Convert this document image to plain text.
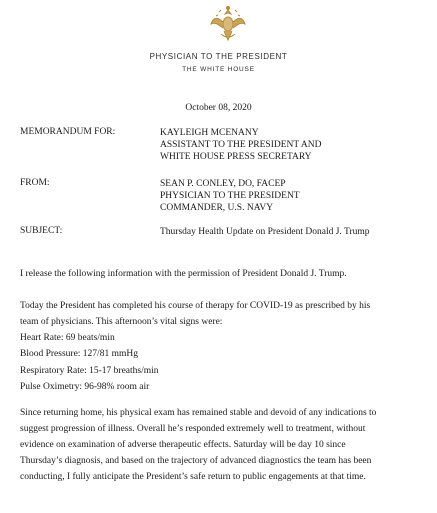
PHYSICIAN TO THE PRESIDENT
THE WHITE HOUSE
October 08, 2020
MEMORANDUM FOR:	KAYLEIGH MCENANY
ASSISTANT TO THE PRESIDENT AND
WHITE HOUSE PRESS SECRETARY
FROM:	SEAN P. CONLEY, DO, FACEP
PHYSICIAN TO THE PRESIDENT
COMMANDER, U.S. NAVY
SUBJECT:	Thursday Health Update on President Donald J. Trump
I release the following information with the permission of President Donald J. Trump.
Today the President has completed his course of therapy for COVID-19 as prescribed by his
team of physicians. This afternoon’s vital signs were:
Heart Rate: 69 beats/min
Blood Pressure: 127/81 mmHg
Respiratory Rate: 15-17 breaths/min
Pulse Oximetry: 96-98% room air
Since returning home, his physical exam has remained stable and devoid of any indications to
suggest progression of illness. Overall he’s responded extremely well to treatment, without
evidence on examination of adverse therapeutic effects. Saturday will be day 10 since
Thursday’s diagnosis, and based on the trajectory of advanced diagnostics the team has been
conducting, I fully anticipate the President’s safe return to public engagements at that time.
